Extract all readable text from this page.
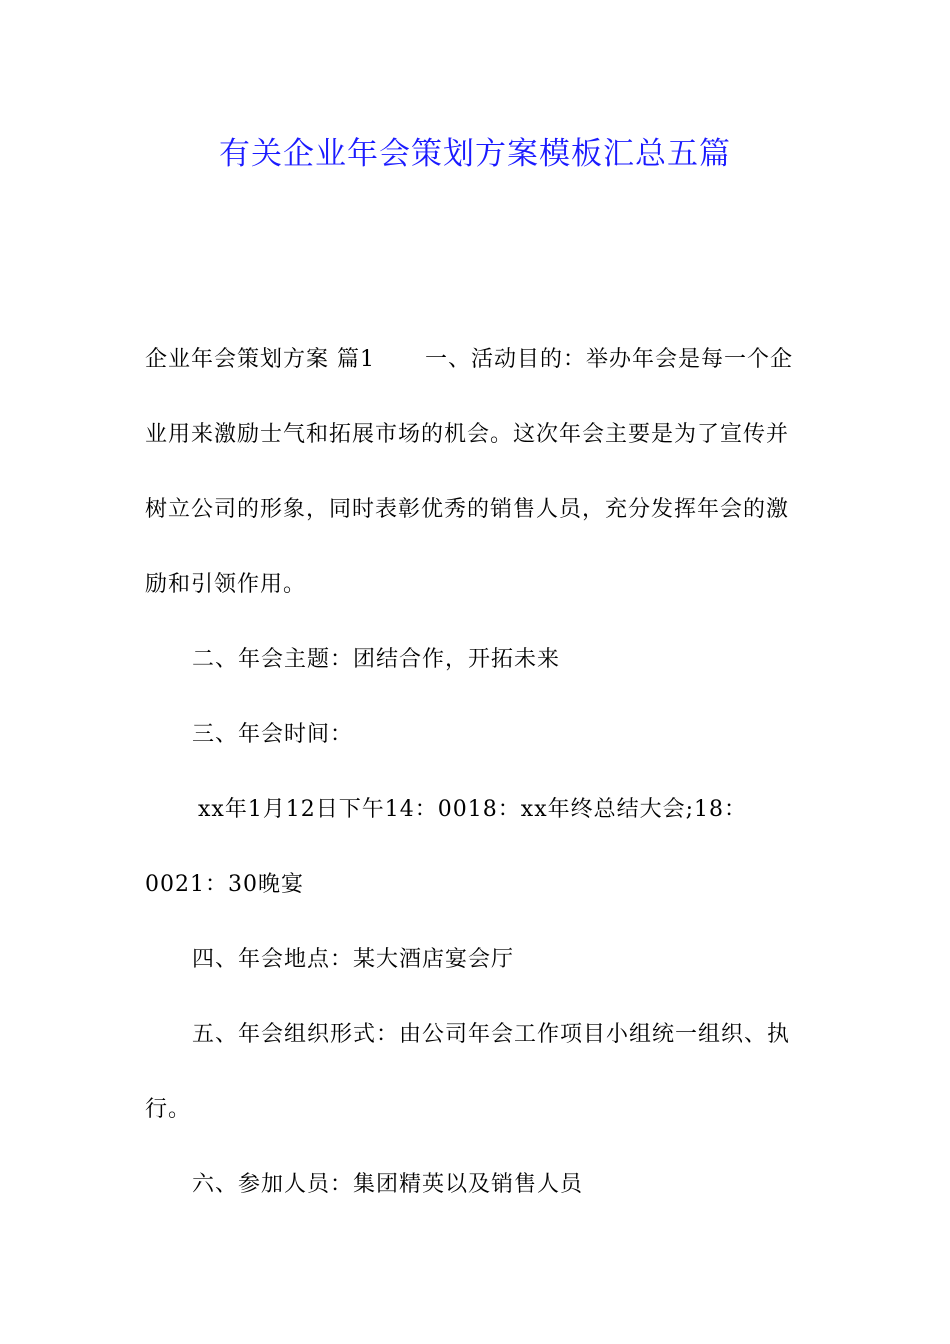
有关企业年会策划方案模板汇总五篇

企业年会策划方案 篇1 一、活动目的：举办年会是每一个企业用来激励士气和拓展市场的机会。这次年会主要是为了宣传并树立公司的形象，同时表彰优秀的销售人员，充分发挥年会的激励和引领作用。

二、年会主题：团结合作，开拓未来

三、年会时间：

xx年1月12日下午14：0018：xx年终总结大会;18：0021：30晚宴

四、年会地点：某大酒店宴会厅

五、年会组织形式：由公司年会工作项目小组统一组织、执行。

六、参加人员：集团精英以及销售人员
